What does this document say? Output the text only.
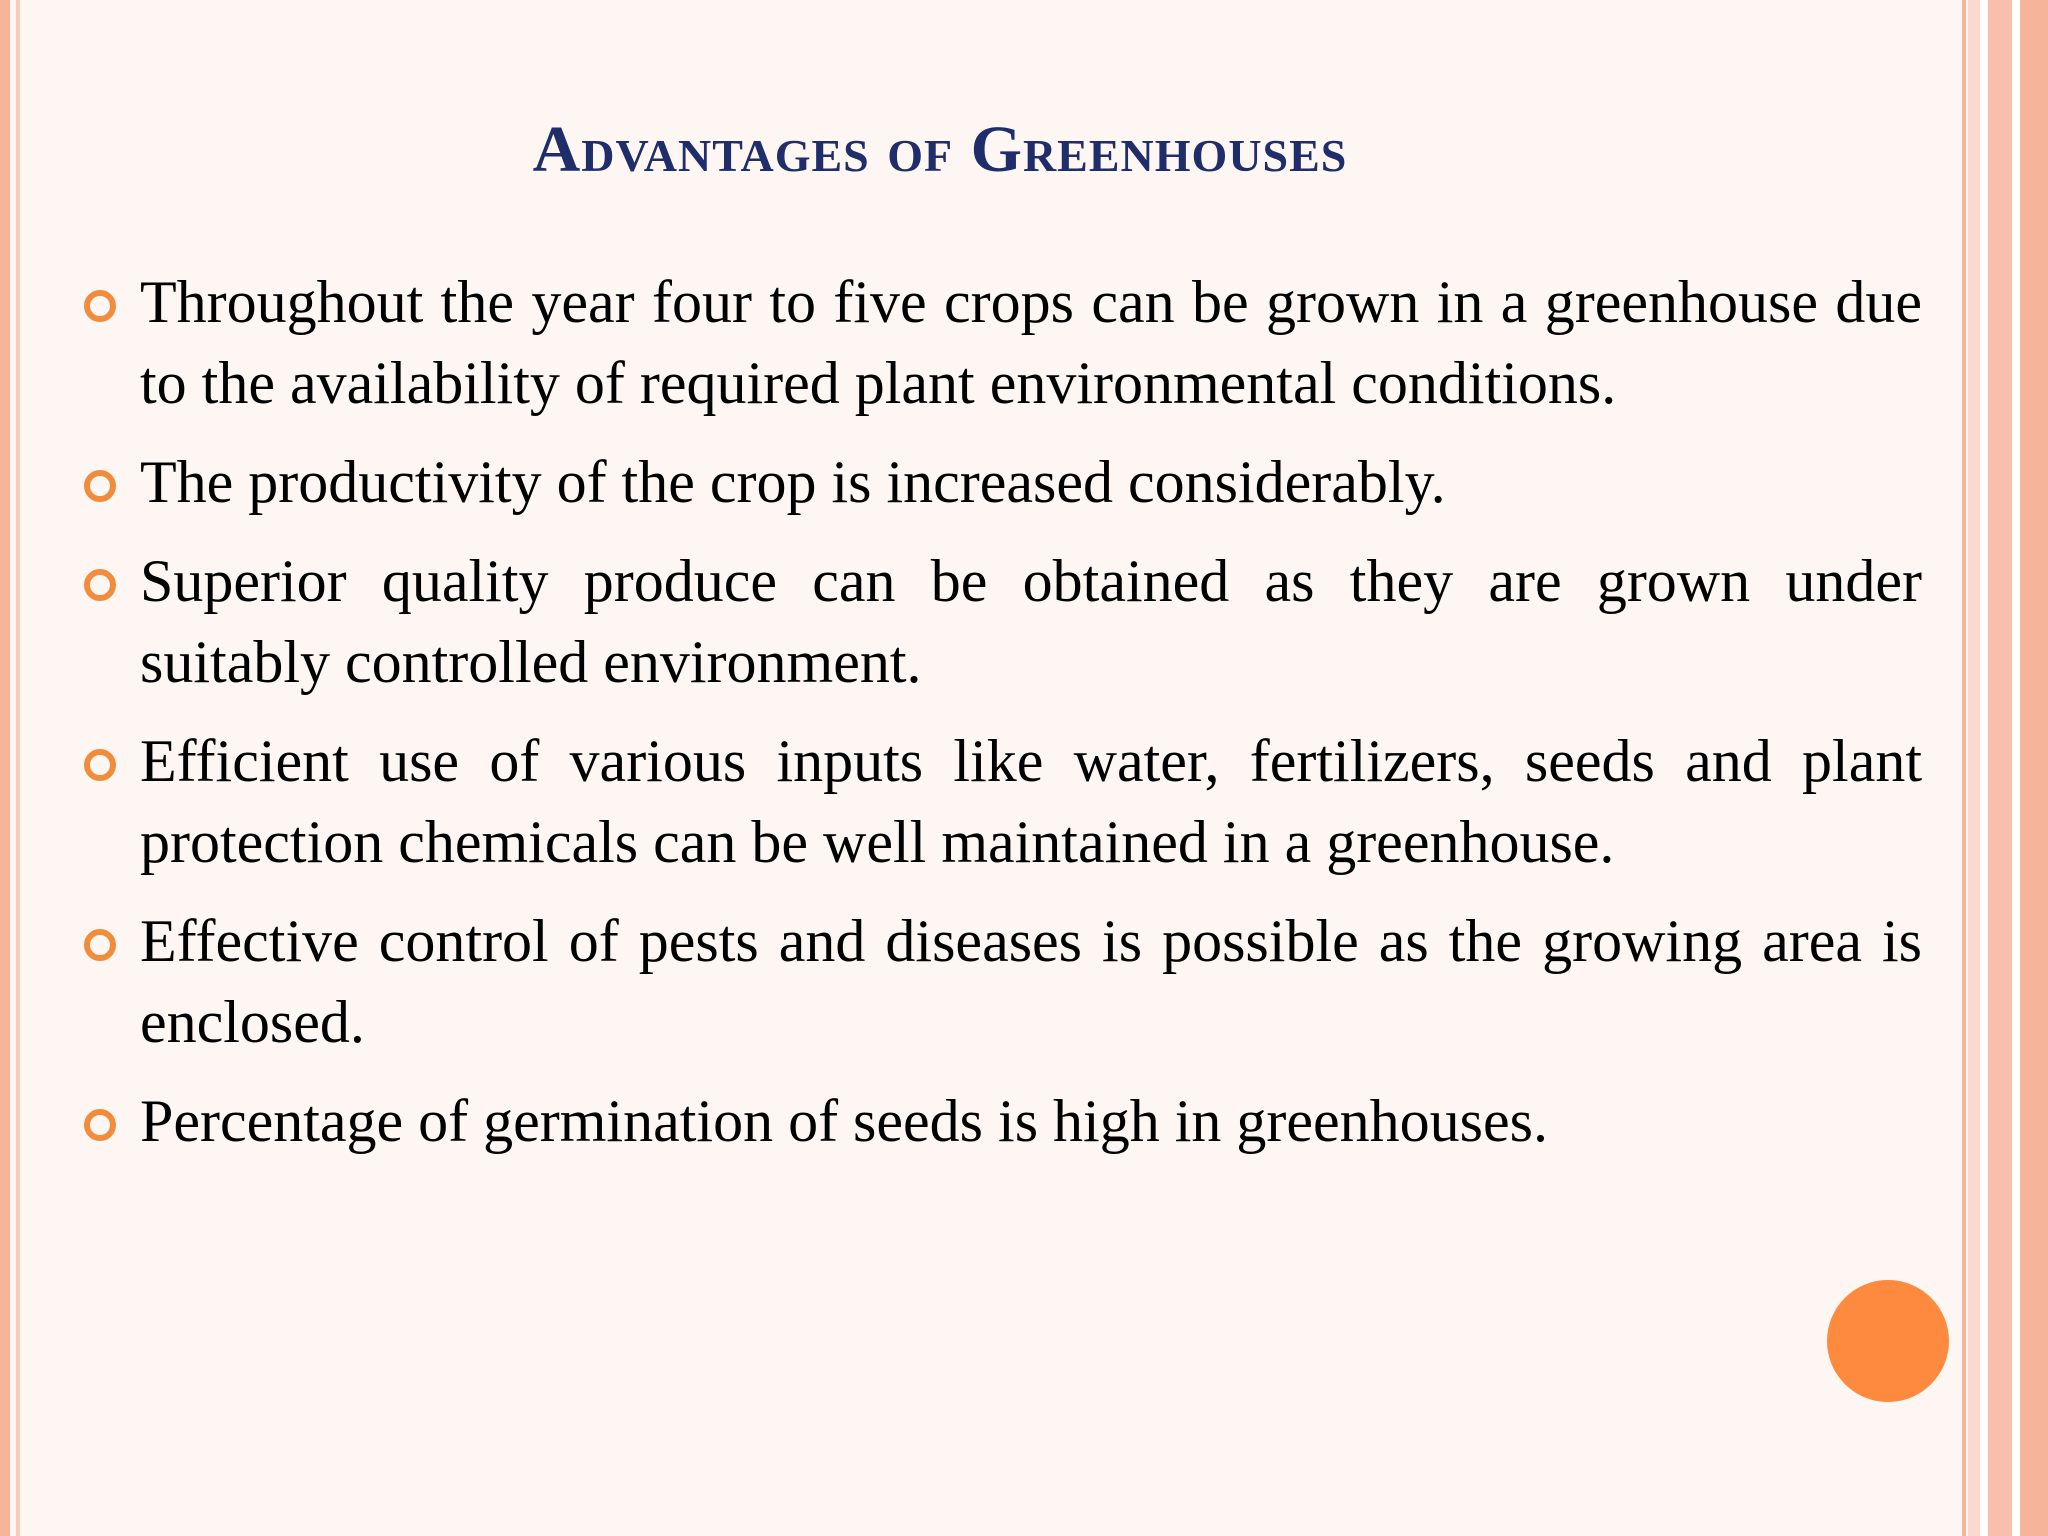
Advantages of Greenhouses
Throughout the year four to five crops can be grown in a greenhouse due to the availability of required plant environmental conditions.
The productivity of the crop is increased considerably.
Superior quality produce can be obtained as they are grown under suitably controlled environment.
Efficient use of various inputs like water, fertilizers, seeds and plant protection chemicals can be well maintained in a greenhouse.
Effective control of pests and diseases is possible as the growing area is enclosed.
Percentage of germination of seeds is high in greenhouses.
